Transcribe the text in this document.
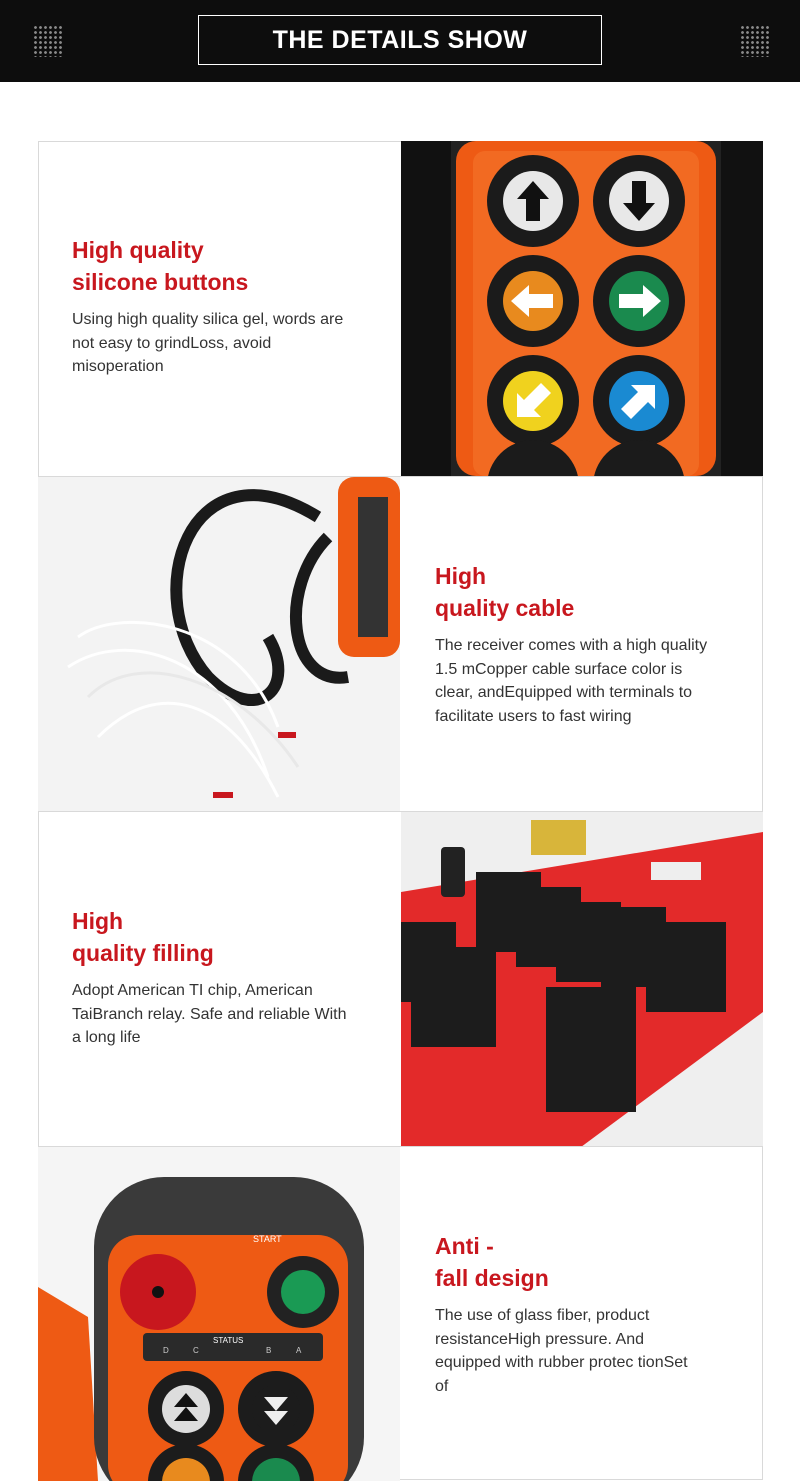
THE DETAILS SHOW
High quality
silicone buttons
Using high quality silica gel, words are not easy to grindLoss, avoid misoperation
High
quality cable
The receiver comes with a high quality 1.5 mCopper cable surface color is clear, andEquipped with terminals to facilitate users to fast wiring
High
quality filling
Adopt American TI chip, American TaiBranch relay. Safe and reliable With a long life
START
STATUS
D	C	B	A
Anti -
fall design
The use of glass fiber, product resistanceHigh pressure. And equipped with rubber protec tionSet of
